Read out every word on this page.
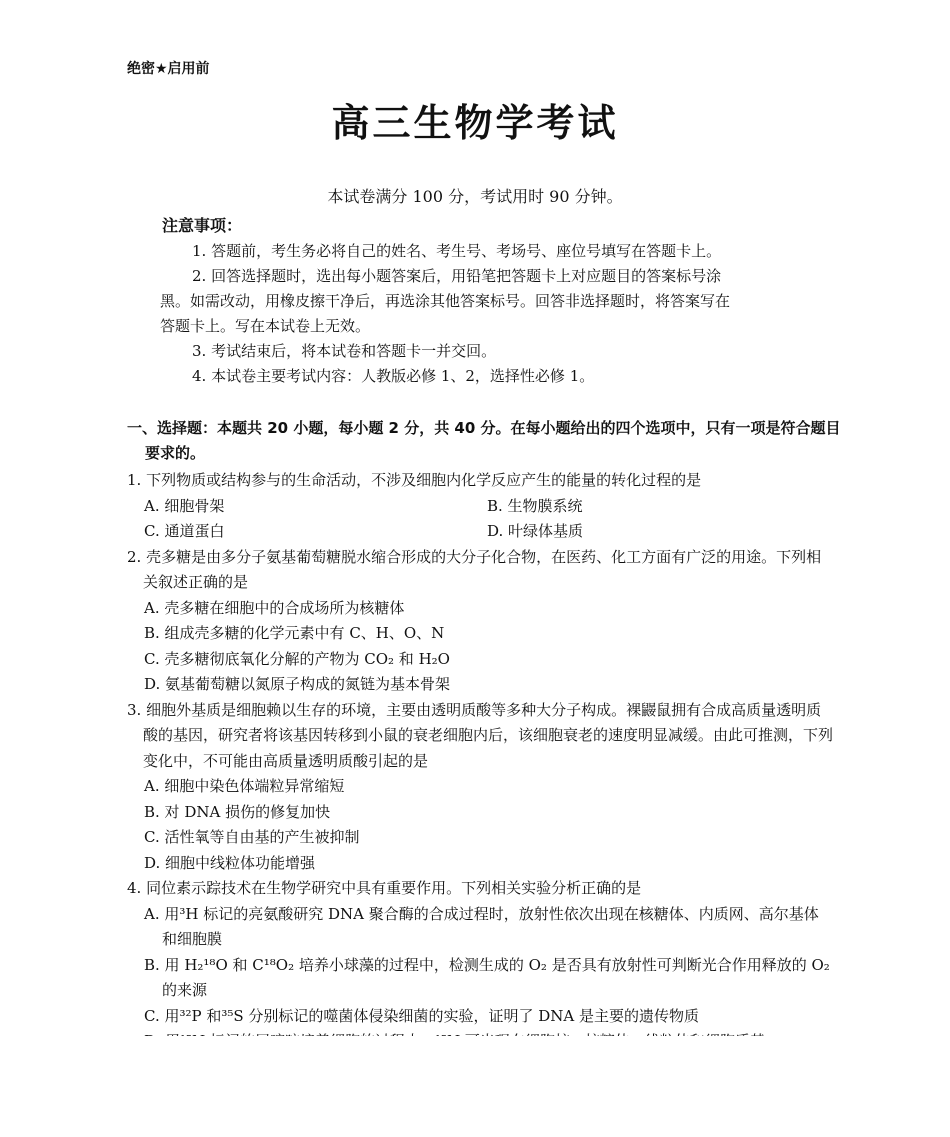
绝密★启用前
高三生物学考试
本试卷满分 100 分，考试用时 90 分钟。
注意事项：

1. 答题前，考生务必将自己的姓名、考生号、考场号、座位号填写在答题卡上。

2. 回答选择题时，选出每小题答案后，用铅笔把答题卡上对应题目的答案标号涂

黑。如需改动，用橡皮擦干净后，再选涂其他答案标号。回答非选择题时，将答案写在

答题卡上。写在本试卷上无效。

3. 考试结束后，将本试卷和答题卡一并交回。

4. 本试卷主要考试内容：人教版必修 1、2，选择性必修 1。

一、选择题：本题共 20 小题，每小题 2 分，共 40 分。在每小题给出的四个选项中，只有一项是符合题目要求的。
1. 下列物质或结构参与的生命活动，不涉及细胞内化学反应产生的能量的转化过程的是
A. 细胞骨架	B. 生物膜系统
C. 通道蛋白	D. 叶绿体基质
2. 壳多糖是由多分子氨基葡萄糖脱水缩合形成的大分子化合物，在医药、化工方面有广泛的用途。下列相关叙述正确的是
A. 壳多糖在细胞中的合成场所为核糖体
B. 组成壳多糖的化学元素中有 C、H、O、N
C. 壳多糖彻底氧化分解的产物为 CO₂ 和 H₂O
D. 氨基葡萄糖以氮原子构成的氮链为基本骨架
3. 细胞外基质是细胞赖以生存的环境，主要由透明质酸等多种大分子构成。裸鼹鼠拥有合成高质量透明质酸的基因，研究者将该基因转移到小鼠的衰老细胞内后，该细胞衰老的速度明显减缓。由此可推测，下列变化中，不可能由高质量透明质酸引起的是
A. 细胞中染色体端粒异常缩短
B. 对 DNA 损伤的修复加快
C. 活性氧等自由基的产生被抑制
D. 细胞中线粒体功能增强
4. 同位素示踪技术在生物学研究中具有重要作用。下列相关实验分析正确的是
A. 用³H 标记的亮氨酸研究 DNA 聚合酶的合成过程时，放射性依次出现在核糖体、内质网、高尔基体和细胞膜
B. 用 H₂¹⁸O 和 C¹⁸O₂ 培养小球藻的过程中，检测生成的 O₂ 是否具有放射性可判断光合作用释放的 O₂ 的来源
C. 用³²P 和³⁵S 分别标记的噬菌体侵染细菌的实验，证明了 DNA 是主要的遗传物质
